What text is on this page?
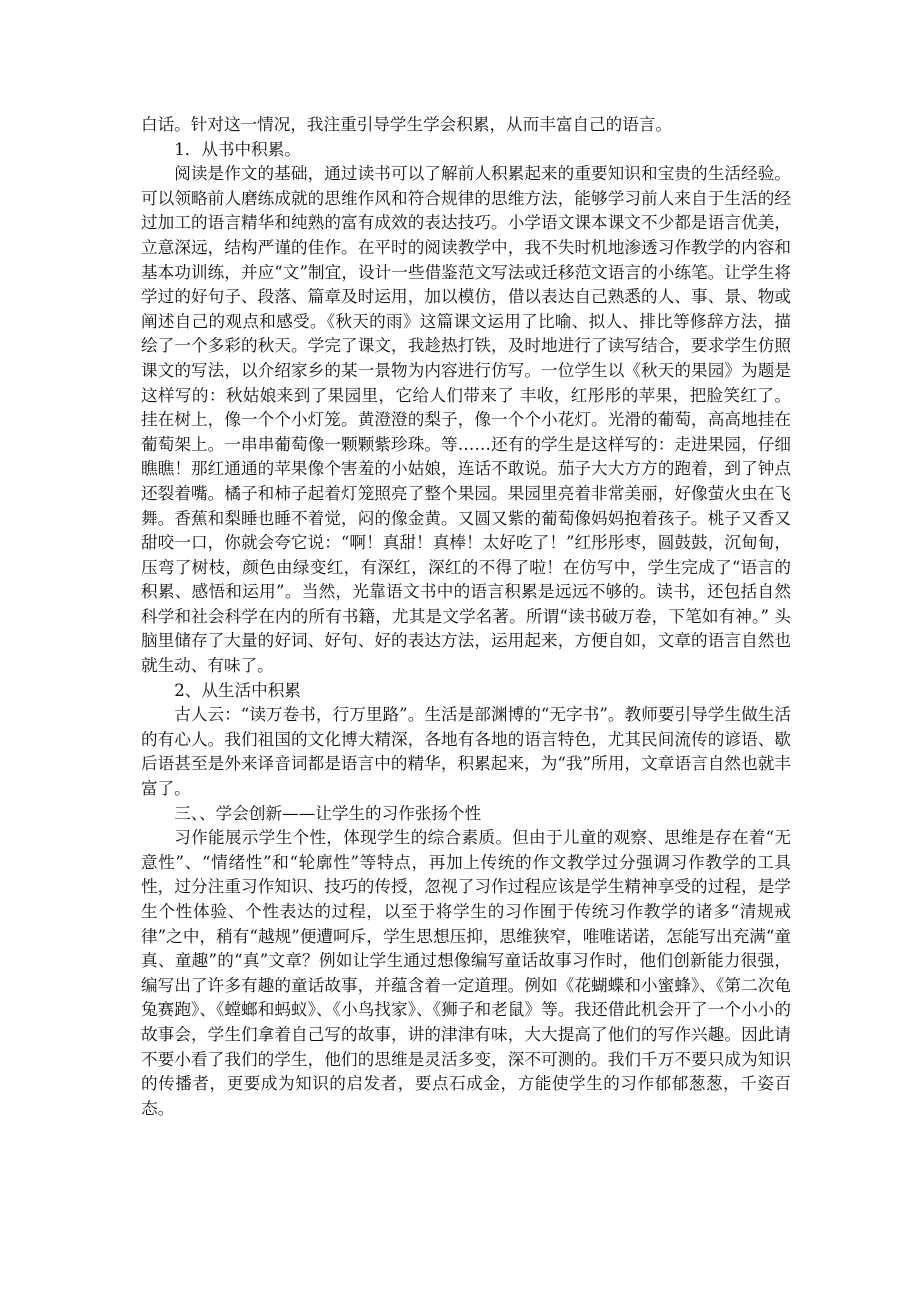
白话。针对这一情况，我注重引导学生学会积累，从而丰富自己的语言。

1．从书中积累。

阅读是作文的基础，通过读书可以了解前人积累起来的重要知识和宝贵的生活经验。可以领略前人磨练成就的思维作风和符合规律的思维方法，能够学习前人来自于生活的经过加工的语言精华和纯熟的富有成效的表达技巧。小学语文课本课文不少都是语言优美，立意深远，结构严谨的佳作。在平时的阅读教学中，我不失时机地渗透习作教学的内容和基本功训练，并应“文”制宜，设计一些借鉴范文写法或迁移范文语言的小练笔。让学生将学过的好句子、段落、篇章及时运用，加以模仿，借以表达自己熟悉的人、事、景、物或阐述自己的观点和感受。《秋天的雨》这篇课文运用了比喻、拟人、排比等修辞方法，描绘了一个多彩的秋天。学完了课文，我趁热打铁，及时地进行了读写结合，要求学生仿照课文的写法，以介绍家乡的某一景物为内容进行仿写。一位学生以《秋天的果园》为题是这样写的：秋姑娘来到了果园里，它给人们带来了 丰收，红彤彤的苹果，把脸笑红了。挂在树上，像一个个小灯笼。黄澄澄的梨子，像一个个小花灯。光滑的葡萄，高高地挂在葡萄架上。一串串葡萄像一颗颗紫珍珠。等……还有的学生是这样写的：走进果园，仔细瞧瞧！那红通通的苹果像个害羞的小姑娘，连话不敢说。茄子大大方方的跑着，到了钟点还裂着嘴。橘子和柿子起着灯笼照亮了整个果园。果园里亮着非常美丽，好像萤火虫在飞舞。香蕉和梨睡也睡不着觉，闷的像金黄。又圆又紫的葡萄像妈妈抱着孩子。桃子又香又甜咬一口，你就会夸它说：“啊！真甜！真棒！太好吃了！”红彤彤枣，圆鼓鼓，沉甸甸，压弯了树枝，颜色由绿变红，有深红，深红的不得了啦！在仿写中，学生完成了“语言的积累、感悟和运用”。当然，光靠语文书中的语言积累是远远不够的。读书，还包括自然科学和社会科学在内的所有书籍，尤其是文学名著。所谓“读书破万卷，下笔如有神。” 头脑里储存了大量的好词、好句、好的表达方法，运用起来，方便自如，文章的语言自然也就生动、有味了。

2、从生活中积累

古人云：“读万卷书，行万里路”。生活是部渊博的“无字书”。教师要引导学生做生活的有心人。我们祖国的文化博大精深，各地有各地的语言特色，尤其民间流传的谚语、歇后语甚至是外来译音词都是语言中的精华，积累起来，为“我”所用，文章语言自然也就丰富了。

三、、学会创新——让学生的习作张扬个性

习作能展示学生个性，体现学生的综合素质。但由于儿童的观察、思维是存在着“无意性”、“情绪性”和“轮廓性”等特点，再加上传统的作文教学过分强调习作教学的工具性，过分注重习作知识、技巧的传授，忽视了习作过程应该是学生精神享受的过程，是学生个性体验、个性表达的过程，以至于将学生的习作囿于传统习作教学的诸多“清规戒律”之中，稍有“越规”便遭呵斥，学生思想压抑，思维狭窄，唯唯诺诺，怎能写出充满“童真、童趣”的“真”文章？例如让学生通过想像编写童话故事习作时，他们创新能力很强，编写出了许多有趣的童话故事，并蕴含着一定道理。例如《花蝴蝶和小蜜蜂》、《第二次龟兔赛跑》、《螳螂和蚂蚁》、《小鸟找家》、《狮子和老鼠》等。我还借此机会开了一个小小的故事会，学生们拿着自己写的故事，讲的津津有味，大大提高了他们的写作兴趣。因此请不要小看了我们的学生，他们的思维是灵活多变，深不可测的。我们千万不要只成为知识的传播者，更要成为知识的启发者，要点石成金，方能使学生的习作郁郁葱葱，千姿百态。
